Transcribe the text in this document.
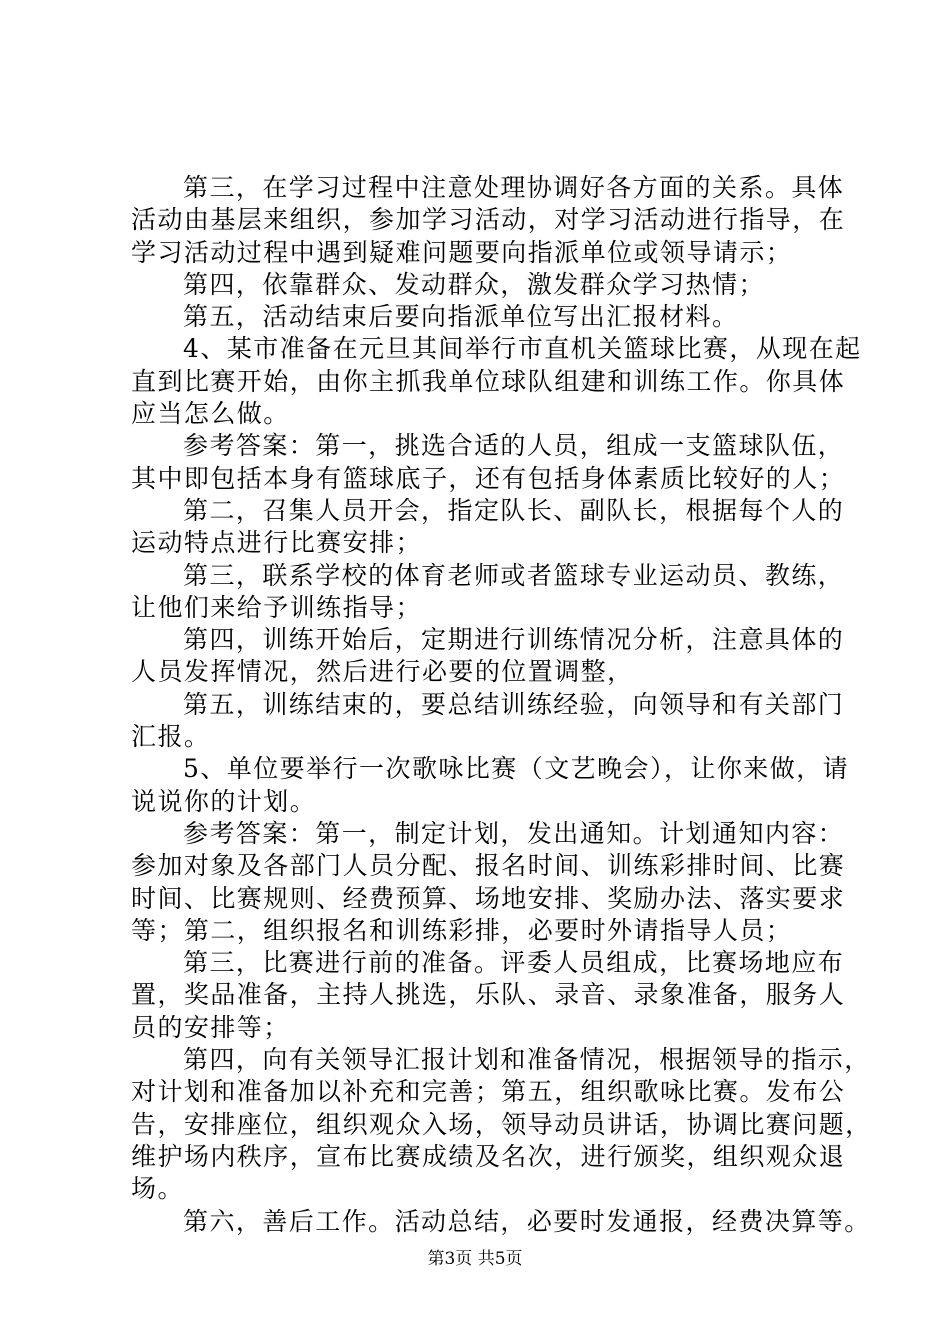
第三，在学习过程中注意处理协调好各方面的关系。具体
活动由基层来组织，参加学习活动，对学习活动进行指导，在
学习活动过程中遇到疑难问题要向指派单位或领导请示；
第四，依靠群众、发动群众，激发群众学习热情；
第五，活动结束后要向指派单位写出汇报材料。
4、某市准备在元旦其间举行市直机关篮球比赛，从现在起
直到比赛开始，由你主抓我单位球队组建和训练工作。你具体
应当怎么做。
参考答案：第一，挑选合适的人员，组成一支篮球队伍，
其中即包括本身有篮球底子，还有包括身体素质比较好的人；
第二，召集人员开会，指定队长、副队长，根据每个人的
运动特点进行比赛安排；
第三，联系学校的体育老师或者篮球专业运动员、教练，
让他们来给予训练指导；
第四，训练开始后，定期进行训练情况分析，注意具体的
人员发挥情况，然后进行必要的位置调整，
第五，训练结束的，要总结训练经验，向领导和有关部门
汇报。
5、单位要举行一次歌咏比赛（文艺晚会），让你来做，请
说说你的计划。
参考答案：第一，制定计划，发出通知。计划通知内容：
参加对象及各部门人员分配、报名时间、训练彩排时间、比赛
时间、比赛规则、经费预算、场地安排、奖励办法、落实要求
等；第二，组织报名和训练彩排，必要时外请指导人员；
第三，比赛进行前的准备。评委人员组成，比赛场地应布
置，奖品准备，主持人挑选，乐队、录音、录象准备，服务人
员的安排等；
第四，向有关领导汇报计划和准备情况，根据领导的指示，
对计划和准备加以补充和完善；第五，组织歌咏比赛。发布公
告，安排座位，组织观众入场，领导动员讲话，协调比赛问题，
维护场内秩序，宣布比赛成绩及名次，进行颁奖，组织观众退
场。
第六，善后工作。活动总结，必要时发通报，经费决算等。
第3页 共5页
